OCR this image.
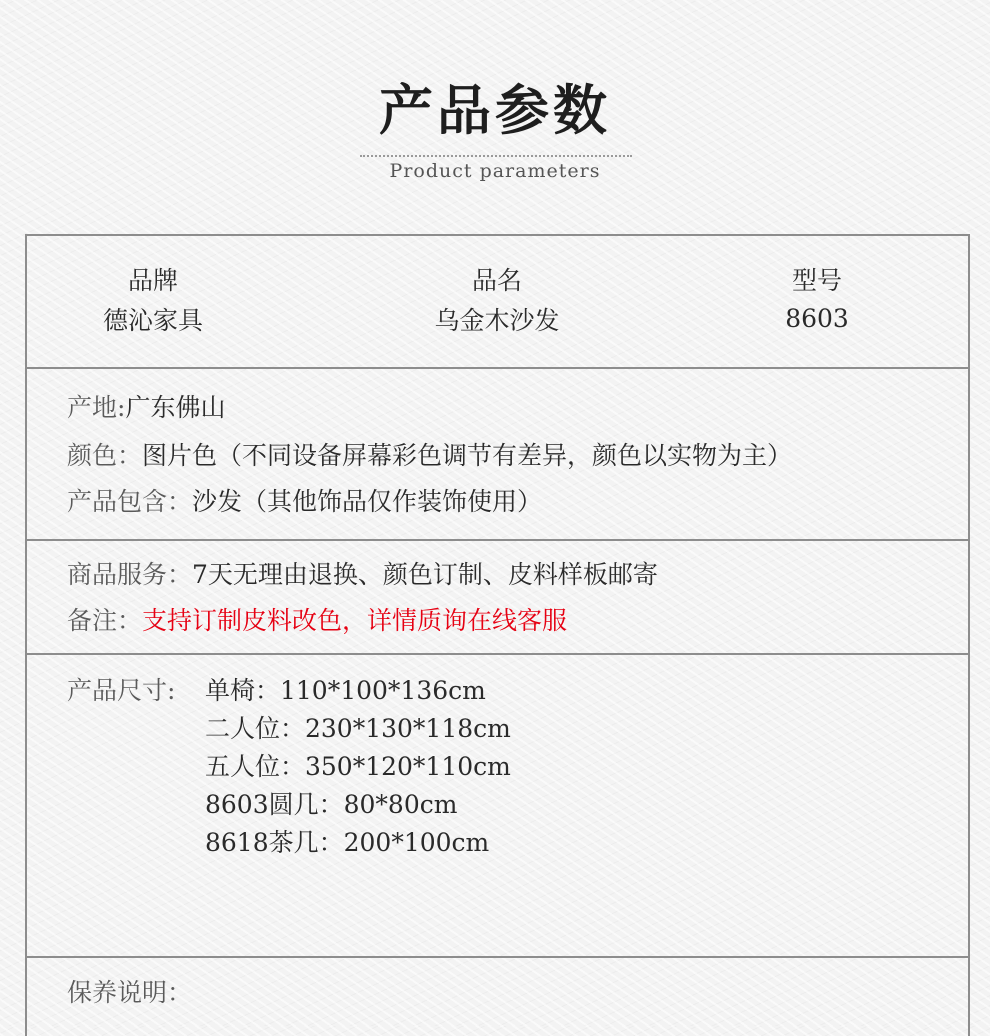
产品参数
Product parameters
品牌
德沁家具
品名
乌金木沙发
型号
8603
产地:广东佛山
颜色：图片色（不同设备屏幕彩色调节有差异，颜色以实物为主）
产品包含：沙发（其他饰品仅作装饰使用）
商品服务：7天无理由退换、颜色订制、皮料样板邮寄
备注：支持订制皮料改色，详情质询在线客服
产品尺寸: 单椅：110*100*136cm
二人位：230*130*118cm
五人位：350*120*110cm
8603圆几：80*80cm
8618茶几：200*100cm
保养说明：
